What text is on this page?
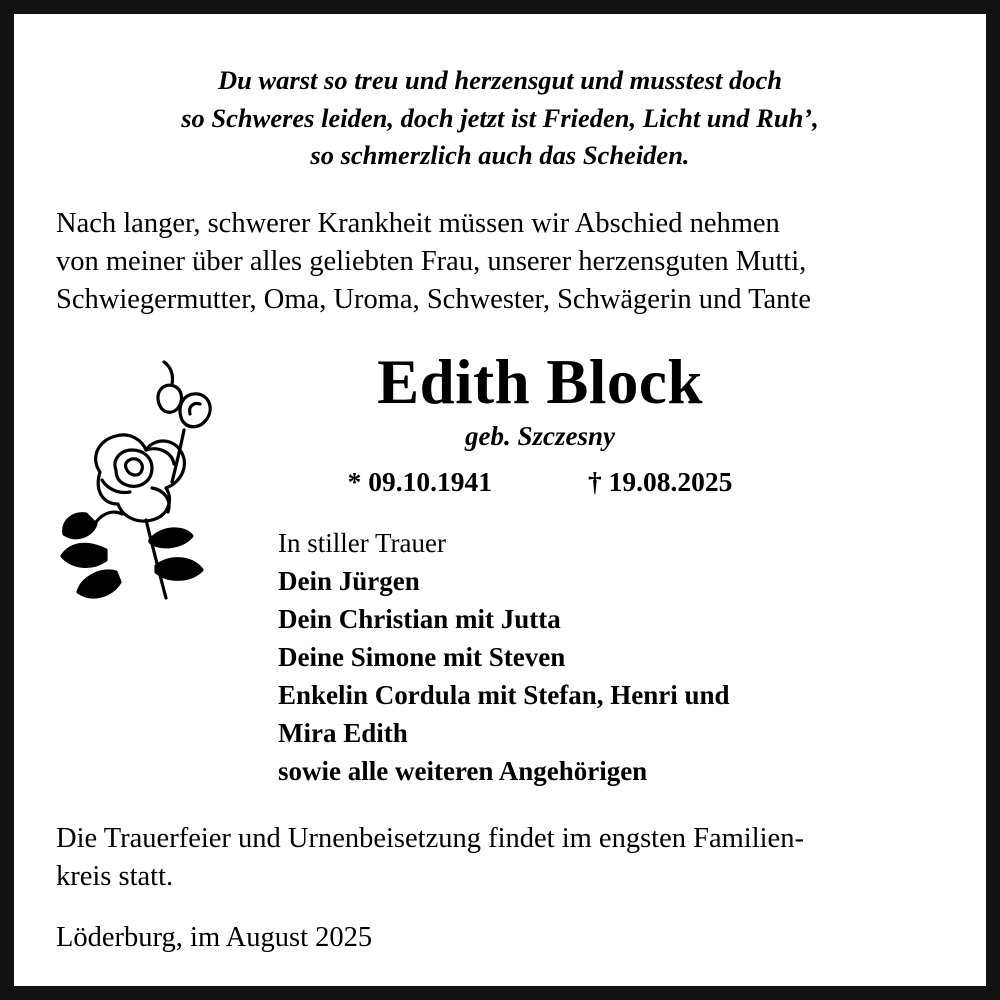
Du warst so treu und herzensgut und musstest doch
so Schweres leiden, doch jetzt ist Frieden, Licht und Ruh’,
so schmerzlich auch das Scheiden.
Nach langer, schwerer Krankheit müssen wir Abschied nehmen
von meiner über alles geliebten Frau, unserer herzensguten Mutti,
Schwiegermutter, Oma, Uroma, Schwester, Schwägerin und Tante
Edith Block
geb. Szczesny
* 09.10.1941	† 19.08.2025
In stiller Trauer
Dein Jürgen
Dein Christian mit Jutta
Deine Simone mit Steven
Enkelin Cordula mit Stefan, Henri und
Mira Edith
sowie alle weiteren Angehörigen
Die Trauerfeier und Urnenbeisetzung findet im engsten Familien-
kreis statt.
Löderburg, im August 2025
